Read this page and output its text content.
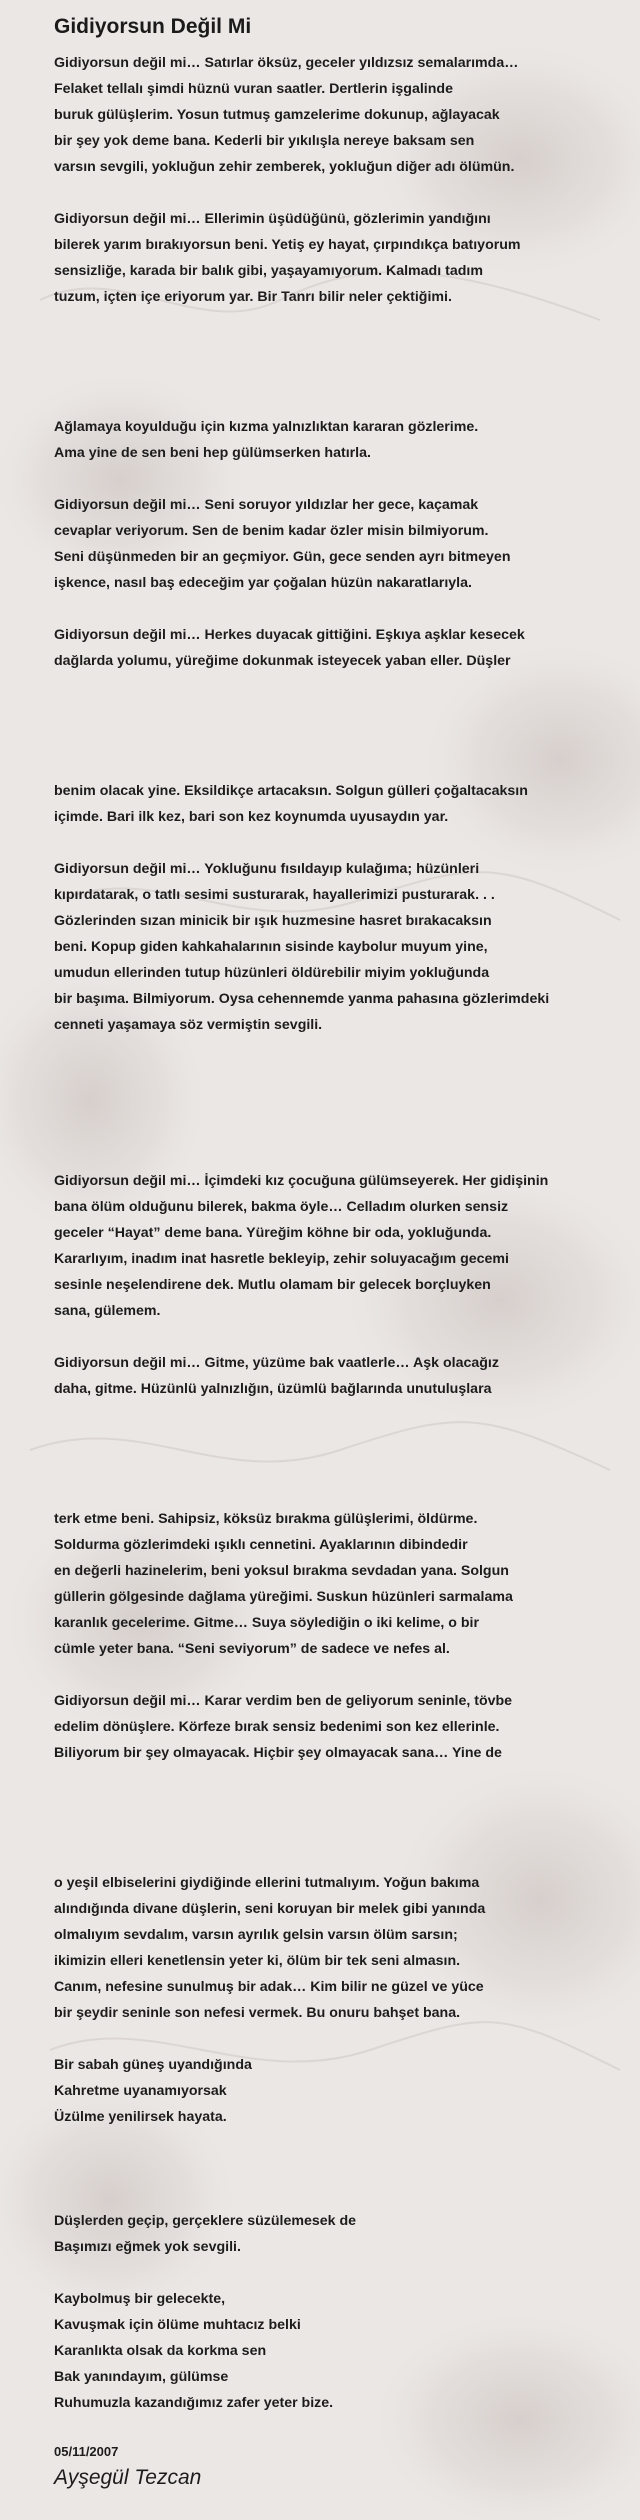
Gidiyorsun Değil Mi

Gidiyorsun değil mi… Satırlar öksüz, geceler yıldızsız semalarımda…
Felaket tellalı şimdi hüznü vuran saatler. Dertlerin işgalinde
buruk gülüşlerim. Yosun tutmuş gamzelerime dokunup, ağlayacak
bir şey yok deme bana. Kederli bir yıkılışla nereye baksam sen
varsın sevgili, yokluğun zehir zemberek, yokluğun diğer adı ölümün.

Gidiyorsun değil mi… Ellerimin üşüdüğünü, gözlerimin yandığını
bilerek yarım bırakıyorsun beni. Yetiş ey hayat, çırpındıkça batıyorum
sensizliğe, karada bir balık gibi, yaşayamıyorum. Kalmadı tadım
tuzum, içten içe eriyorum yar. Bir Tanrı bilir neler çektiğimi.

Ağlamaya koyulduğu için kızma yalnızlıktan kararan gözlerime.
Ama yine de sen beni hep gülümserken hatırla.

Gidiyorsun değil mi… Seni soruyor yıldızlar her gece, kaçamak
cevaplar veriyorum. Sen de benim kadar özler misin bilmiyorum.
Seni düşünmeden bir an geçmiyor. Gün, gece senden ayrı bitmeyen
işkence, nasıl baş edeceğim yar çoğalan hüzün nakaratlarıyla.

Gidiyorsun değil mi… Herkes duyacak gittiğini. Eşkıya aşklar kesecek
dağlarda yolumu, yüreğime dokunmak isteyecek yaban eller. Düşler

benim olacak yine. Eksildikçe artacaksın. Solgun gülleri çoğaltacaksın
içimde. Bari ilk kez, bari son kez koynumda uyusaydın yar.

Gidiyorsun değil mi… Yokluğunu fısıldayıp kulağıma; hüzünleri
kıpırdatarak, o tatlı sesimi susturarak, hayallerimizi pusturarak. . .
Gözlerinden sızan minicik bir ışık huzmesine hasret bırakacaksın
beni. Kopup giden kahkahalarının sisinde kaybolur muyum yine,
umudun ellerinden tutup hüzünleri öldürebilir miyim yokluğunda
bir başıma. Bilmiyorum. Oysa cehennemde yanma pahasına gözlerimdeki
cenneti yaşamaya söz vermiştin sevgili.

Gidiyorsun değil mi… İçimdeki kız çocuğuna gülümseyerek. Her gidişinin
bana ölüm olduğunu bilerek, bakma öyle… Celladım olurken sensiz
geceler “Hayat” deme bana. Yüreğim köhne bir oda, yokluğunda.
Kararlıyım, inadım inat hasretle bekleyip, zehir soluyacağım gecemi
sesinle neşelendirene dek. Mutlu olamam bir gelecek borçluyken
sana, gülemem.

Gidiyorsun değil mi… Gitme, yüzüme bak vaatlerle… Aşk olacağız
daha, gitme. Hüzünlü yalnızlığın, üzümlü bağlarında unutuluşlara

terk etme beni. Sahipsiz, köksüz bırakma gülüşlerimi, öldürme.
Soldurma gözlerimdeki ışıklı cennetini. Ayaklarının dibindedir
en değerli hazinelerim, beni yoksul bırakma sevdadan yana. Solgun
güllerin gölgesinde dağlama yüreğimi. Suskun hüzünleri sarmalama
karanlık gecelerime. Gitme… Suya söylediğin o iki kelime, o bir
cümle yeter bana. “Seni seviyorum” de sadece ve nefes al.

Gidiyorsun değil mi… Karar verdim ben de geliyorum seninle, tövbe
edelim dönüşlere. Körfeze bırak sensiz bedenimi son kez ellerinle.
Biliyorum bir şey olmayacak. Hiçbir şey olmayacak sana… Yine de

o yeşil elbiselerini giydiğinde ellerini tutmalıyım. Yoğun bakıma
alındığında divane düşlerin, seni koruyan bir melek gibi yanında
olmalıyım sevdalım, varsın ayrılık gelsin varsın ölüm sarsın;
ikimizin elleri kenetlensin yeter ki, ölüm bir tek seni almasın.
Canım, nefesine sunulmuş bir adak… Kim bilir ne güzel ve yüce
bir şeydir seninle son nefesi vermek. Bu onuru bahşet bana.

Bir sabah güneş uyandığında
Kahretme uyanamıyorsak
Üzülme yenilirsek hayata.

Düşlerden geçip, gerçeklere süzülemesek de
Başımızı eğmek yok sevgili.

Kaybolmuş bir gelecekte,
Kavuşmak için ölüme muhtacız belki
Karanlıkta olsak da korkma sen
Bak yanındayım, gülümse
Ruhumuzla kazandığımız zafer yeter bize.

05/11/2007
Ayşegül Tezcan
